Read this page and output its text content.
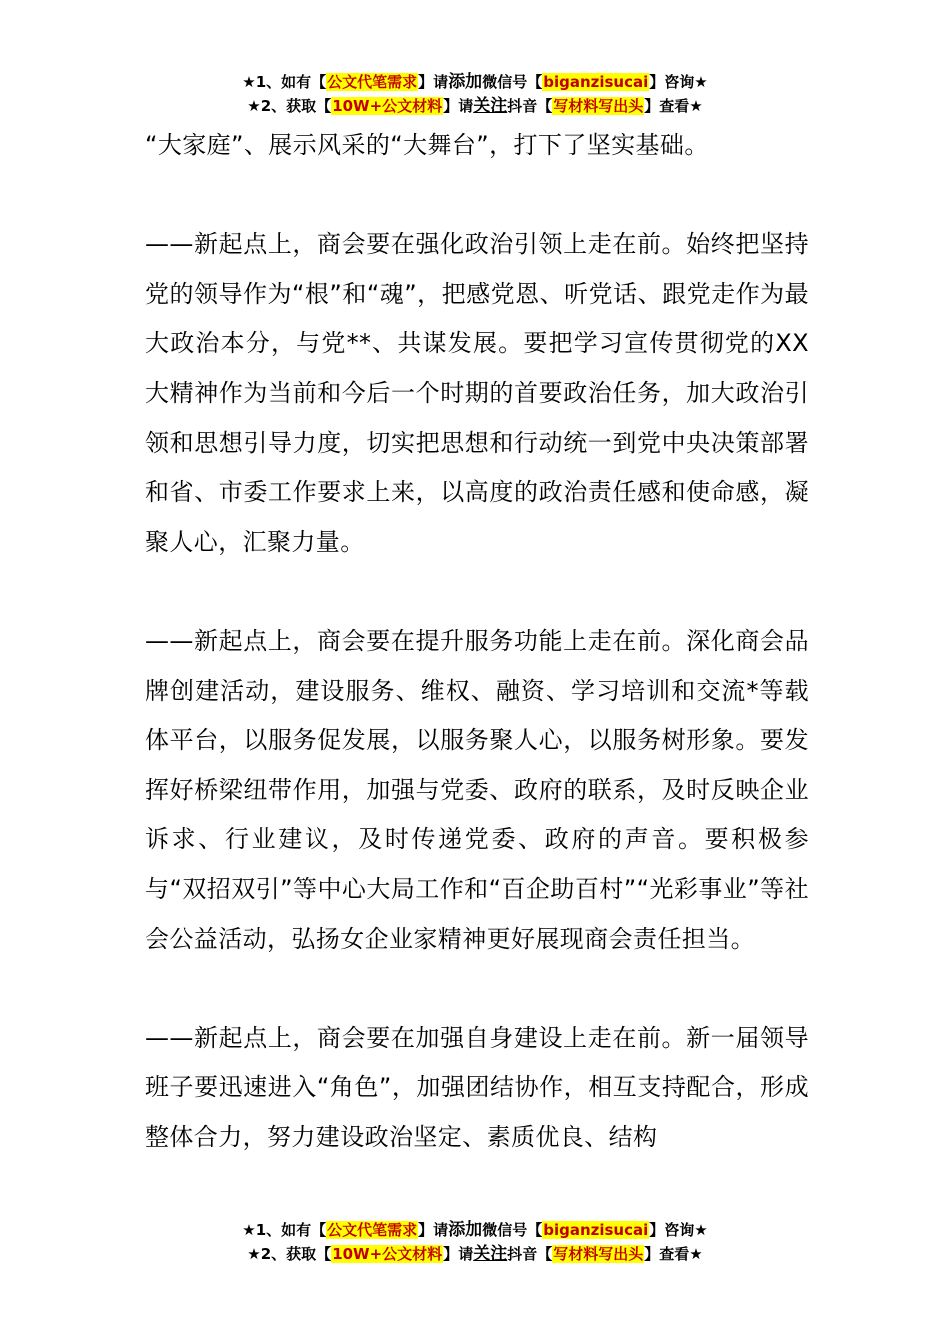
★1、如有【公文代笔需求】请添加微信号【biganzisucai】咨询★
★2、获取【10W+公文材料】请关注抖音【写材料写出头】查看★

“大家庭”、展示风采的“大舞台”，打下了坚实基础。

——新起点上，商会要在强化政治引领上走在前。始终把坚持党的领导作为“根”和“魂”，把感党恩、听党话、跟党走作为最大政治本分，与党**、共谋发展。要把学习宣传贯彻党的XX大精神作为当前和今后一个时期的首要政治任务，加大政治引领和思想引导力度，切实把思想和行动统一到党中央决策部署和省、市委工作要求上来，以高度的政治责任感和使命感，凝聚人心，汇聚力量。

——新起点上，商会要在提升服务功能上走在前。深化商会品牌创建活动，建设服务、维权、融资、学习培训和交流*等载体平台，以服务促发展，以服务聚人心，以服务树形象。要发挥好桥梁纽带作用，加强与党委、政府的联系，及时反映企业诉求、行业建议，及时传递党委、政府的声音。要积极参与“双招双引”等中心大局工作和“百企助百村”“光彩事业”等社会公益活动，弘扬女企业家精神更好展现商会责任担当。

——新起点上，商会要在加强自身建设上走在前。新一届领导班子要迅速进入“角色”，加强团结协作，相互支持配合，形成整体合力，努力建设政治坚定、素质优良、结构

★1、如有【公文代笔需求】请添加微信号【biganzisucai】咨询★
★2、获取【10W+公文材料】请关注抖音【写材料写出头】查看★
